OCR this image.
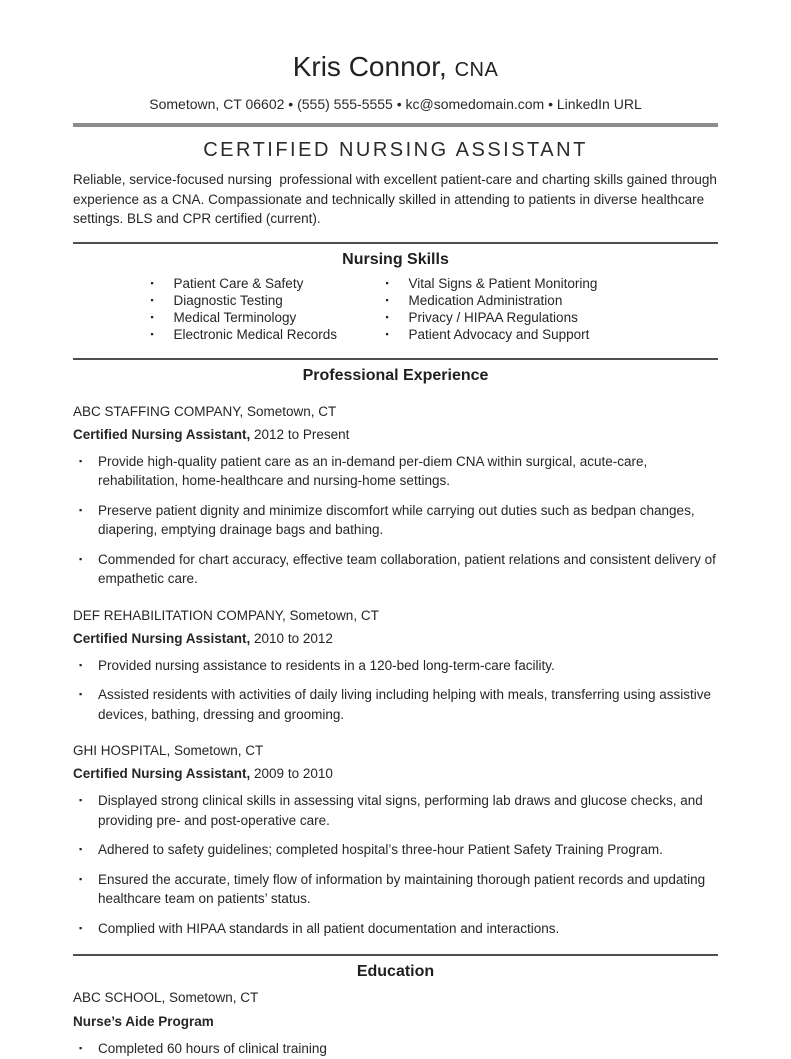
Kris Connor, CNA
Sometown, CT 06602 • (555) 555-5555 • kc@somedomain.com • LinkedIn URL
CERTIFIED NURSING ASSISTANT

Reliable, service-focused nursing  professional with excellent patient-care and charting skills gained through experience as a CNA. Compassionate and technically skilled in attending to patients in diverse healthcare settings. BLS and CPR certified (current).

Nursing Skills
▪	Patient Care & Safety
▪	Diagnostic Testing
▪	Medical Terminology
▪	Electronic Medical Records
▪	Vital Signs & Patient Monitoring
▪	Medication Administration
▪	Privacy / HIPAA Regulations
▪	Patient Advocacy and Support
Professional Experience
ABC STAFFING COMPANY, Sometown, CT
Certified Nursing Assistant, 2012 to Present
▪	Provide high-quality patient care as an in-demand per-diem CNA within surgical, acute-care, rehabilitation, home-healthcare and nursing-home settings.
▪	Preserve patient dignity and minimize discomfort while carrying out duties such as bedpan changes, diapering, emptying drainage bags and bathing.
▪	Commended for chart accuracy, effective team collaboration, patient relations and consistent delivery of empathetic care.
DEF REHABILITATION COMPANY, Sometown, CT
Certified Nursing Assistant, 2010 to 2012
▪	Provided nursing assistance to residents in a 120-bed long-term-care facility.
▪	Assisted residents with activities of daily living including helping with meals, transferring using assistive devices, bathing, dressing and grooming.
GHI HOSPITAL, Sometown, CT
Certified Nursing Assistant, 2009 to 2010
▪	Displayed strong clinical skills in assessing vital signs, performing lab draws and glucose checks, and providing pre- and post-operative care.
▪	Adhered to safety guidelines; completed hospital’s three-hour Patient Safety Training Program.
▪	Ensured the accurate, timely flow of information by maintaining thorough patient records and updating healthcare team on patients’ status.
▪	Complied with HIPAA standards in all patient documentation and interactions.
Education
ABC SCHOOL, Sometown, CT
Nurse’s Aide Program
▪	Completed 60 hours of clinical training
